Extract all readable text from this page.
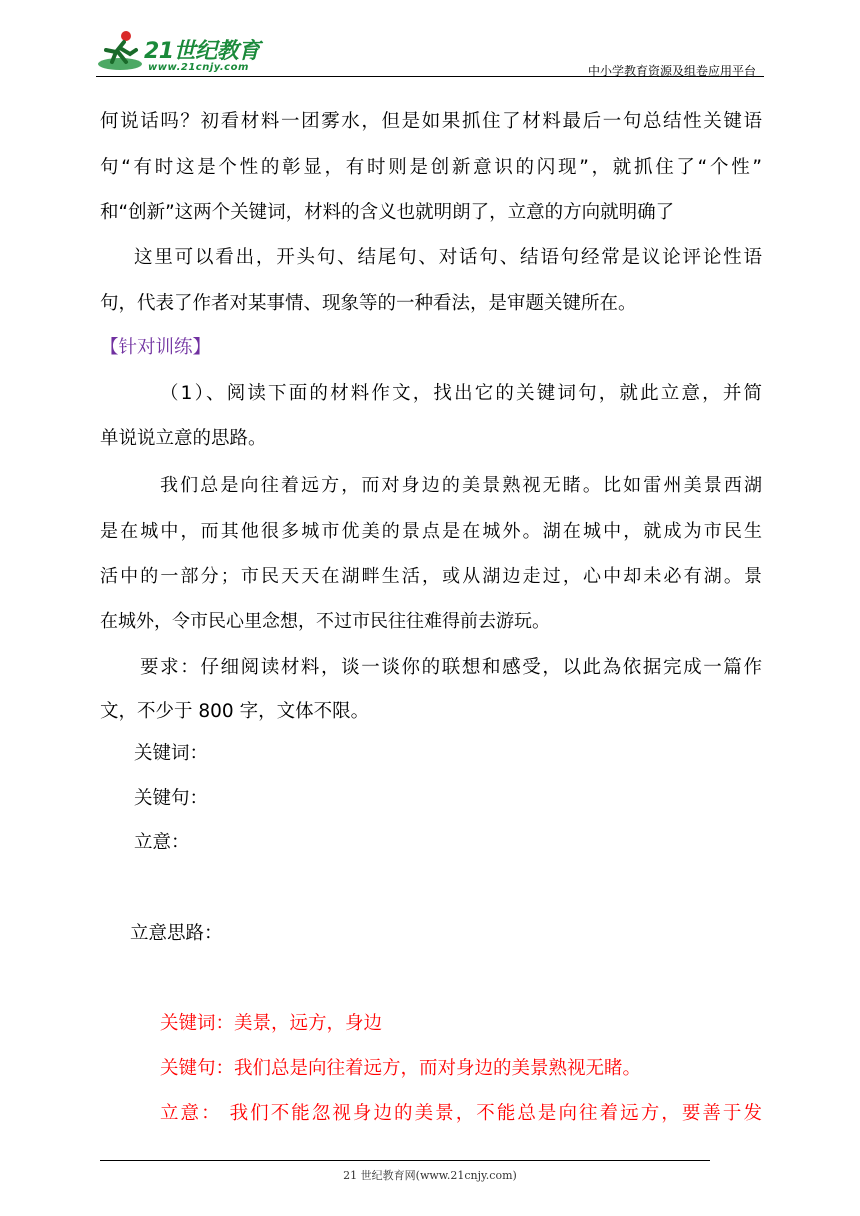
21世纪教育
www.21cnjy.com	中小学教育资源及组卷应用平台
何说话吗？初看材料一团雾水，但是如果抓住了材料最后一句总结性关键语
句“有时这是个性的彰显，有时则是创新意识的闪现”，就抓住了“个性”
和“创新”这两个关键词，材料的含义也就明朗了，立意的方向就明确了
这里可以看出，开头句、结尾句、对话句、结语句经常是议论评论性语
句，代表了作者对某事情、现象等的一种看法，是审题关键所在。
【针对训练】
（1）、阅读下面的材料作文，找出它的关键词句，就此立意，并简
单说说立意的思路。
我们总是向往着远方，而对身边的美景熟视无睹。比如雷州美景西湖
是在城中，而其他很多城市优美的景点是在城外。湖在城中，就成为市民生
活中的一部分；市民天天在湖畔生活，或从湖边走过，心中却未必有湖。景
在城外，令市民心里念想，不过市民往往难得前去游玩。
要求：仔细阅读材料，谈一谈你的联想和感受，以此為依据完成一篇作
文，不少于 800 字，文体不限。
关键词：
关键句：
立意：
立意思路：
关键词：美景，远方，身边
关键句：我们总是向往着远方，而对身边的美景熟视无睹。
立意： 我们不能忽视身边的美景，不能总是向往着远方，要善于发
21 世纪教育网(www.21cnjy.com)
